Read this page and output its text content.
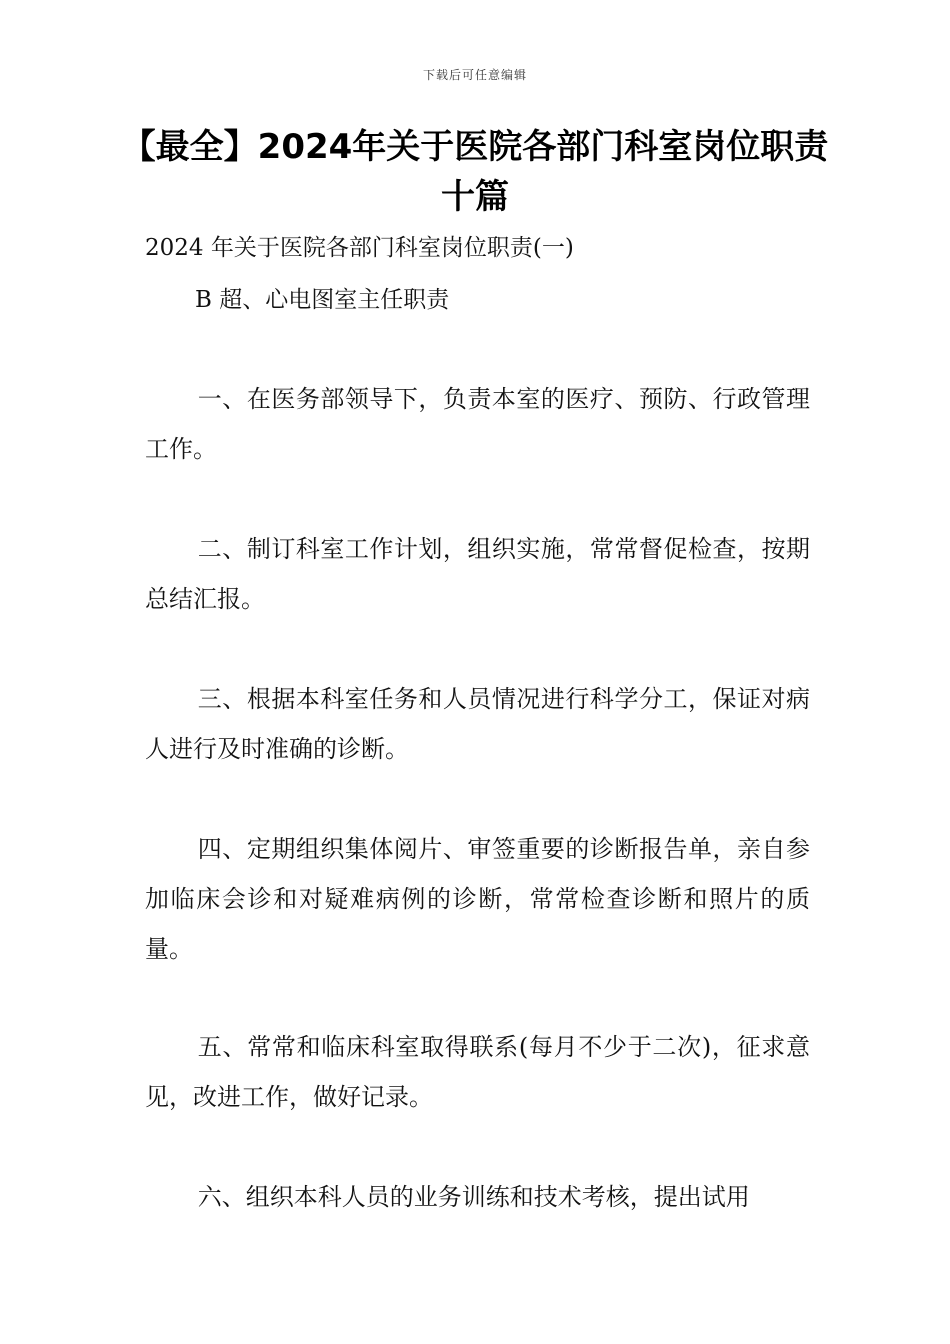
下载后可任意编辑
【最全】2024年关于医院各部门科室岗位职责十篇

2024 年关于医院各部门科室岗位职责(一)

B 超、心电图室主任职责

一、在医务部领导下，负责本室的医疗、预防、行政管理工作。

二、制订科室工作计划，组织实施，常常督促检查，按期总结汇报。

三、根据本科室任务和人员情况进行科学分工，保证对病人进行及时准确的诊断。

四、定期组织集体阅片、审签重要的诊断报告单，亲自参加临床会诊和对疑难病例的诊断，常常检查诊断和照片的质量。

五、常常和临床科室取得联系(每月不少于二次)，征求意见，改进工作，做好记录。

六、组织本科人员的业务训练和技术考核，提出试用
